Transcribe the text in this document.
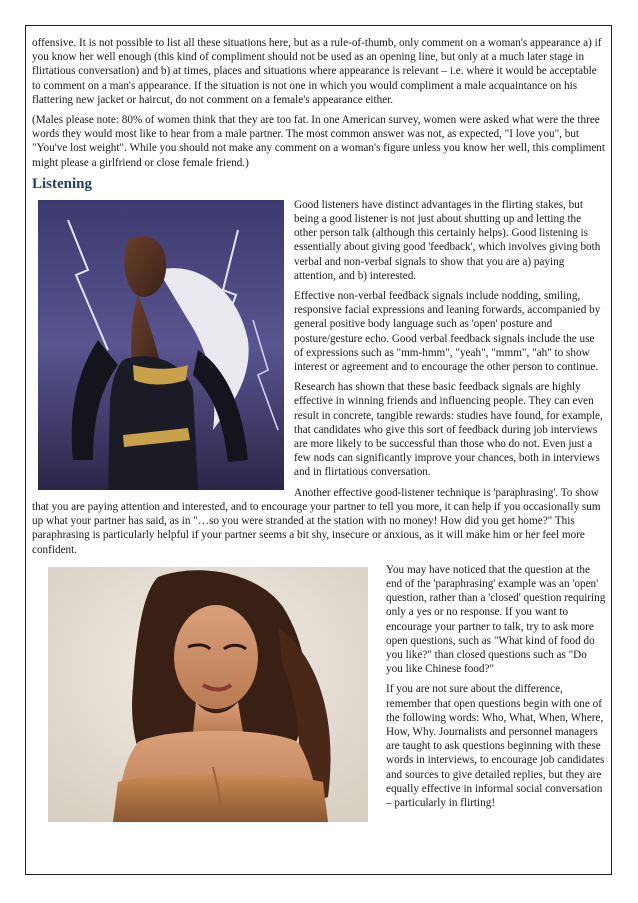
offensive. It is not possible to list all these situations here, but as a rule-of-thumb, only comment on a woman's appearance a) if you know her well enough (this kind of compliment should not be used as an opening line, but only at a much later stage in flirtatious conversation) and b) at times, places and situations where appearance is relevant – i.e. where it would be acceptable to comment on a man's appearance. If the situation is not one in which you would compliment a male acquaintance on his flattering new jacket or haircut, do not comment on a female's appearance either.

(Males please note: 80% of women think that they are too fat. In one American survey, women were asked what were the three words they would most like to hear from a male partner. The most common answer was not, as expected, "I love you", but "You've lost weight". While you should not make any comment on a woman's figure unless you know her well, this compliment might please a girlfriend or close female friend.)

Listening

Good listeners have distinct advantages in the flirting stakes, but being a good listener is not just about shutting up and letting the other person talk (although this certainly helps). Good listening is essentially about giving good 'feedback', which involves giving both verbal and non-verbal signals to show that you are a) paying attention, and b) interested.

Effective non-verbal feedback signals include nodding, smiling, responsive facial expressions and leaning forwards, accompanied by general positive body language such as 'open' posture and posture/gesture echo. Good verbal feedback signals include the use of expressions such as "mm-hmm", "yeah", "mmm", "ah" to show interest or agreement and to encourage the other person to continue.

Research has shown that these basic feedback signals are highly effective in winning friends and influencing people. They can even result in concrete, tangible rewards: studies have found, for example, that candidates who give this sort of feedback during job interviews are more likely to be successful than those who do not. Even just a few nods can significantly improve your chances, both in interviews and in flirtatious conversation.

Another effective good-listener technique is 'paraphrasing'. To show that you are paying attention and interested, and to encourage your partner to tell you more, it can help if you occasionally sum up what your partner has said, as in "…so you were stranded at the station with no money! How did you get home?" This paraphrasing is particularly helpful if your partner seems a bit shy, insecure or anxious, as it will make him or her feel more confident.

You may have noticed that the question at the end of the 'paraphrasing' example was an 'open' question, rather than a 'closed' question requiring only a yes or no response. If you want to encourage your partner to talk, try to ask more open questions, such as "What kind of food do you like?" than closed questions such as "Do you like Chinese food?"

If you are not sure about the difference, remember that open questions begin with one of the following words: Who, What, When, Where, How, Why. Journalists and personnel managers are taught to ask questions beginning with these words in interviews, to encourage job candidates and sources to give detailed replies, but they are equally effective in informal social conversation – particularly in flirting!
